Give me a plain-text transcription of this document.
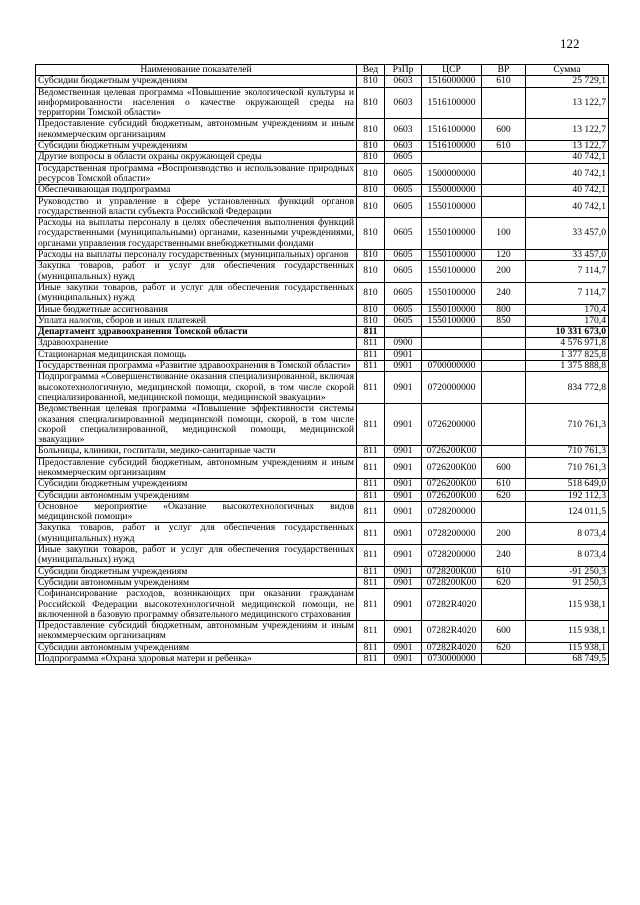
122
Наименование показателей	Вед	РзПр	ЦСР	ВР	Сумма
Субсидии бюджетным учреждениям	810	0603	1516000000	610	25 729,1
Ведомственная целевая программа «Повышение экологической культуры и информированности населения о качестве окружающей среды на территории Томской области»	810	0603	1516100000		13 122,7
Предоставление субсидий бюджетным, автономным учреждениям и иным некоммерческим организациям	810	0603	1516100000	600	13 122,7
Субсидии бюджетным учреждениям	810	0603	1516100000	610	13 122,7
Другие вопросы в области охраны окружающей среды	810	0605			40 742,1
Государственная программа «Воспроизводство и использование природных ресурсов Томской области»	810	0605	1500000000		40 742,1
Обеспечивающая подпрограмма	810	0605	1550000000		40 742,1
Руководство и управление в сфере установленных функций органов государственной власти субъекта Российской Федерации	810	0605	1550100000		40 742,1
Расходы на выплаты персоналу в целях обеспечения выполнения функций государственными (муниципальными) органами, казенными учреждениями, органами управления государственными внебюджетными фондами	810	0605	1550100000	100	33 457,0
Расходы на выплаты персоналу государственных (муниципальных) органов	810	0605	1550100000	120	33 457,0
Закупка товаров, работ и услуг для обеспечения государственных (муниципальных) нужд	810	0605	1550100000	200	7 114,7
Иные закупки товаров, работ и услуг для обеспечения государственных (муниципальных) нужд	810	0605	1550100000	240	7 114,7
Иные бюджетные ассигнования	810	0605	1550100000	800	170,4
Уплата налогов, сборов и иных платежей	810	0605	1550100000	850	170,4
Департамент здравоохранения Томской области	811				10 331 673,0
Здравоохранение	811	0900			4 576 971,8
Стационарная медицинская помощь	811	0901			1 377 825,8
Государственная программа «Развитие здравоохранения в Томской области»	811	0901	0700000000		1 375 888,8
Подпрограмма «Совершенствование оказания специализированной, включая высокотехнологичную, медицинской помощи, скорой, в том числе скорой специализированной, медицинской помощи, медицинской эвакуации»	811	0901	0720000000		834 772,8
Ведомственная целевая программа «Повышение эффективности системы оказания специализированной медицинской помощи, скорой, в том числе скорой специализированной, медицинской помощи, медицинской эвакуации»	811	0901	0726200000		710 761,3
Больницы, клиники, госпитали, медико-санитарные части	811	0901	0726200К00		710 761,3
Предоставление субсидий бюджетным, автономным учреждениям и иным некоммерческим организациям	811	0901	0726200К00	600	710 761,3
Субсидии бюджетным учреждениям	811	0901	0726200К00	610	518 649,0
Субсидии автономным учреждениям	811	0901	0726200К00	620	192 112,3
Основное мероприятие «Оказание высокотехнологичных видов медицинской помощи»	811	0901	0728200000		124 011,5
Закупка товаров, работ и услуг для обеспечения государственных (муниципальных) нужд	811	0901	0728200000	200	8 073,4
Иные закупки товаров, работ и услуг для обеспечения государственных (муниципальных) нужд	811	0901	0728200000	240	8 073,4
Субсидии бюджетным учреждениям	811	0901	0728200К00	610	-91 250,3
Субсидии автономным учреждениям	811	0901	0728200К00	620	91 250,3
Софинансирование расходов, возникающих при оказании гражданам Российской Федерации высокотехнологичной медицинской помощи, не включенной в базовую программу обязательного медицинского страхования	811	0901	07282R4020		115 938,1
Предоставление субсидий бюджетным, автономным учреждениям и иным некоммерческим организациям	811	0901	07282R4020	600	115 938,1
Субсидии автономным учреждениям	811	0901	07282R4020	620	115 938,1
Подпрограмма «Охрана здоровья матери и ребенка»	811	0901	0730000000		68 749,5
